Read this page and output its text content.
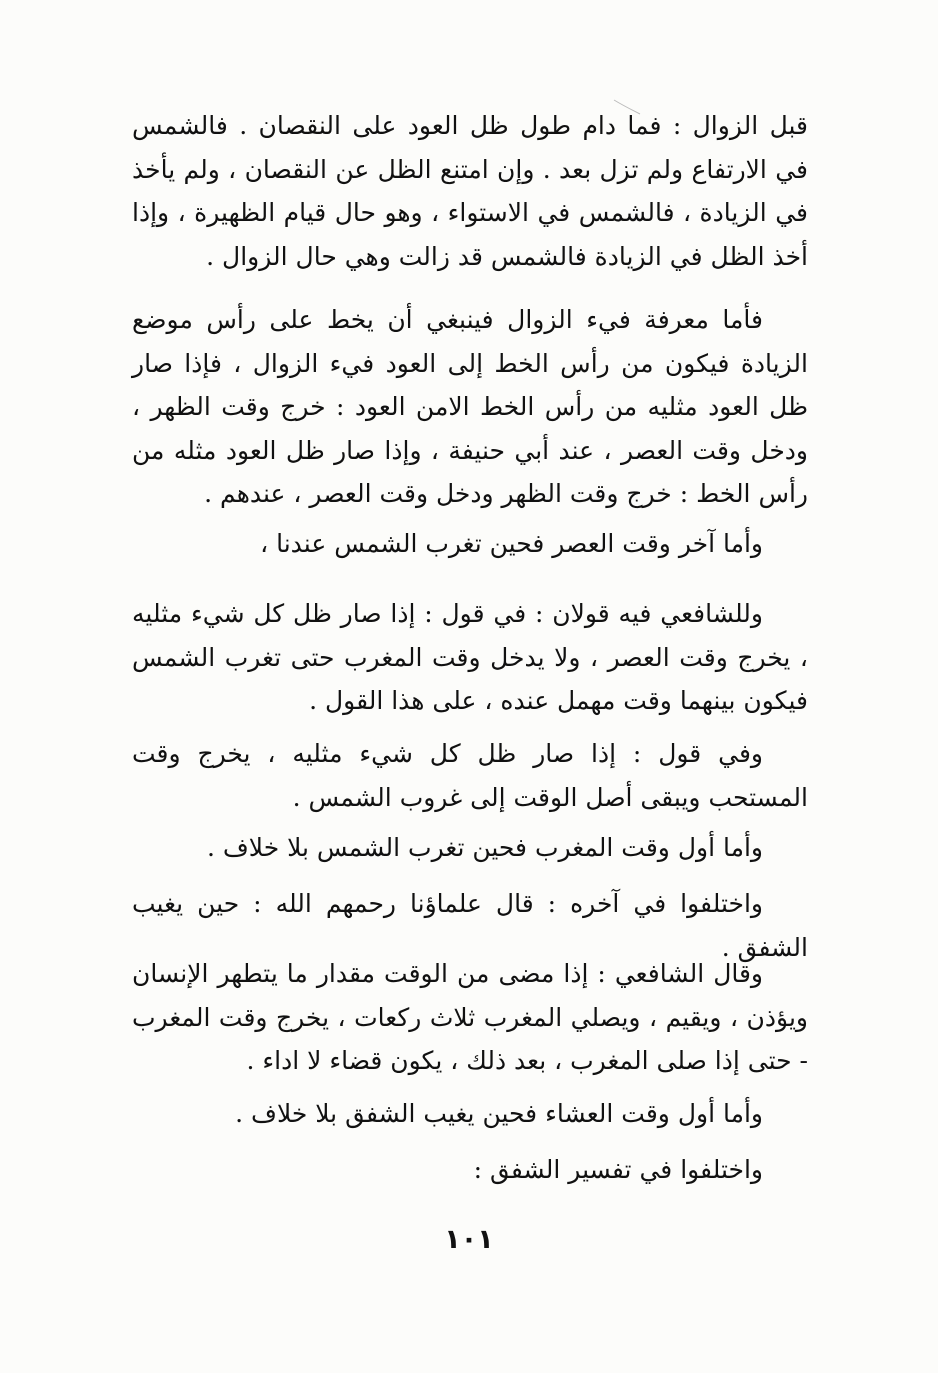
قبل الزوال : فما دام طول ظل العود على النقصان . فالشمس في الارتفاع ولم تزل بعد . وإن امتنع الظل عن النقصان ، ولم يأخذ في الزيادة ، فالشمس في الاستواء ، وهو حال قيام الظهيرة ، وإذا أخذ الظل في الزيادة فالشمس قد زالت وهي حال الزوال .

فأما معرفة فيء الزوال فينبغي أن يخط على رأس موضع الزيادة فيكون من رأس الخط إلى العود فيء الزوال ، فإذا صار ظل العود مثليه من رأس الخط الامن العود : خرج وقت الظهر ، ودخل وقت العصر ، عند أبي حنيفة ، وإذا صار ظل العود مثله من رأس الخط : خرج وقت الظهر ودخل وقت العصر ، عندهم .

وأما آخر وقت العصر فحين تغرب الشمس عندنا ،

وللشافعي فيه قولان : في قول : إذا صار ظل كل شيء مثليه ، يخرج وقت العصر ، ولا يدخل وقت المغرب حتى تغرب الشمس فيكون بينهما وقت مهمل عنده ، على هذا القول .

وفي قول : إذا صار ظل كل شيء مثليه ، يخرج وقت المستحب ويبقى أصل الوقت إلى غروب الشمس .

وأما أول وقت المغرب فحين تغرب الشمس بلا خلاف .

واختلفوا في آخره : قال علماؤنا رحمهم الله : حين يغيب الشفق .

وقال الشافعي : إذا مضى من الوقت مقدار ما يتطهر الإنسان ويؤذن ، ويقيم ، ويصلي المغرب ثلاث ركعات ، يخرج وقت المغرب - حتى إذا صلى المغرب ، بعد ذلك ، يكون قضاء لا اداء .

وأما أول وقت العشاء فحين يغيب الشفق بلا خلاف .

واختلفوا في تفسير الشفق :

١٠١
